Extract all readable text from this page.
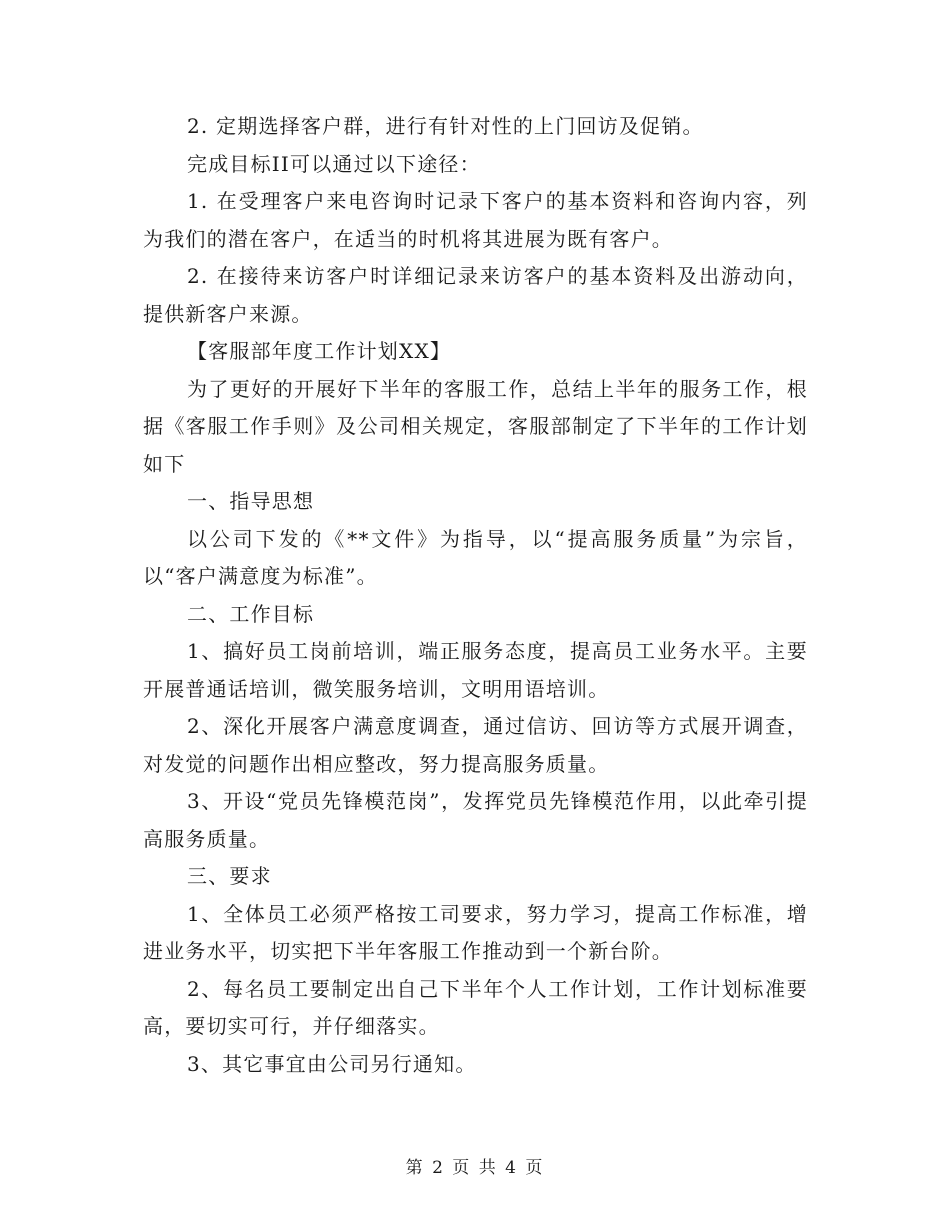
2. 定期选择客户群，进行有针对性的上门回访及促销。

完成目标II可以通过以下途径：

1. 在受理客户来电咨询时记录下客户的基本资料和咨询内容，列为我们的潜在客户，在适当的时机将其进展为既有客户。

2. 在接待来访客户时详细记录来访客户的基本资料及出游动向，提供新客户来源。

【客服部年度工作计划XX】

为了更好的开展好下半年的客服工作，总结上半年的服务工作，根据《客服工作手则》及公司相关规定，客服部制定了下半年的工作计划如下

一、指导思想

以公司下发的《**文件》为指导，以“提高服务质量”为宗旨，以“客户满意度为标准”。

二、工作目标

1、搞好员工岗前培训，端正服务态度，提高员工业务水平。主要开展普通话培训，微笑服务培训，文明用语培训。

2、深化开展客户满意度调查，通过信访、回访等方式展开调查，对发觉的问题作出相应整改，努力提高服务质量。

3、开设“党员先锋模范岗”，发挥党员先锋模范作用，以此牵引提高服务质量。

三、要求

1、全体员工必须严格按工司要求，努力学习，提高工作标准，增进业务水平，切实把下半年客服工作推动到一个新台阶。

2、每名员工要制定出自己下半年个人工作计划，工作计划标准要高，要切实可行，并仔细落实。

3、其它事宜由公司另行通知。

第 2 页 共 4 页
